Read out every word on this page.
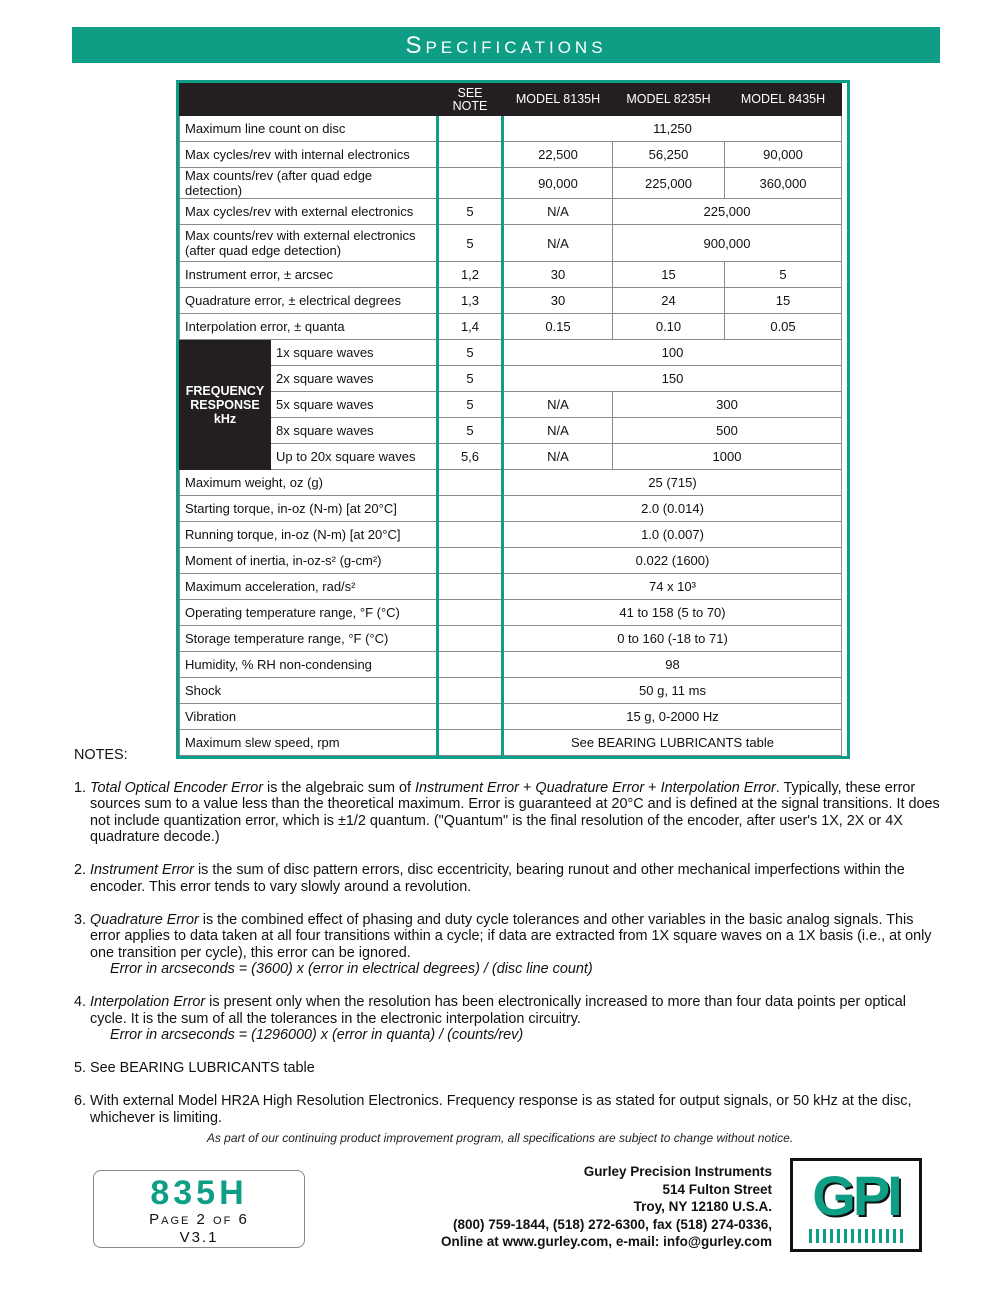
Specifications
		SEE NOTE	MODEL 8135H	MODEL 8235H	MODEL 8435H
Maximum line count on disc			11,250		
Max cycles/rev with internal electronics			22,500	56,250	90,000
Max counts/rev (after quad edge detection)			90,000	225,000	360,000
Max cycles/rev with external electronics		5	N/A	225,000	
Max counts/rev with external electronics (after quad edge detection)		5	N/A	900,000	
Instrument error, ± arcsec		1,2	30	15	5
Quadrature error, ± electrical degrees		1,3	30	24	15
Interpolation error, ± quanta		1,4	0.15	0.10	0.05
FREQUENCY RESPONSE kHz	1x square waves	5	100		
	2x square waves	5	150		
	5x square waves	5	N/A	300	
	8x square waves	5	N/A	500	
	Up to 20x square waves	5,6	N/A	1000	
Maximum weight, oz (g)			25 (715)		
Starting torque, in-oz (N-m) [at 20°C]			2.0 (0.014)		
Running torque, in-oz (N-m) [at 20°C]			1.0 (0.007)		
Moment of inertia, in-oz-s² (g-cm²)			0.022 (1600)		
Maximum acceleration, rad/s²			74 x 10³		
Operating temperature range, °F (°C)			41 to 158 (5 to 70)		
Storage temperature range, °F (°C)			0 to 160 (-18 to 71)		
Humidity, % RH non-condensing			98		
Shock			50 g, 11 ms		
Vibration			15 g, 0-2000 Hz		
Maximum slew speed, rpm			See BEARING LUBRICANTS table		
NOTES:
1. Total Optical Encoder Error is the algebraic sum of Instrument Error + Quadrature Error + Interpolation Error. Typically, these error sources sum to a value less than the theoretical maximum. Error is guaranteed at 20°C and is defined at the signal transitions. It does not include quantization error, which is ±1/2 quantum. ("Quantum" is the final resolution of the encoder, after user's 1X, 2X or 4X quadrature decode.)
2. Instrument Error is the sum of disc pattern errors, disc eccentricity, bearing runout and other mechanical imperfections within the encoder. This error tends to vary slowly around a revolution.
3. Quadrature Error is the combined effect of phasing and duty cycle tolerances and other variables in the basic analog signals. This error applies to data taken at all four transitions within a cycle; if data are extracted from 1X square waves on a 1X basis (i.e., at only one transition per cycle), this error can be ignored.
Error in arcseconds = (3600) x (error in electrical degrees) / (disc line count)
4. Interpolation Error is present only when the resolution has been electronically increased to more than four data points per optical cycle. It is the sum of all the tolerances in the electronic interpolation circuitry.
Error in arcseconds = (1296000) x (error in quanta) / (counts/rev)
5. See BEARING LUBRICANTS table
6. With external Model HR2A High Resolution Electronics. Frequency response is as stated for output signals, or 50 kHz at the disc, whichever is limiting.
As part of our continuing product improvement program, all specifications are subject to change without notice.
835H
Page 2 of 6
V3.1
Gurley Precision Instruments
514 Fulton Street
Troy, NY 12180 U.S.A.
(800) 759-1844, (518) 272-6300, fax (518) 274-0336,
Online at www.gurley.com, e-mail: info@gurley.com
GPI
